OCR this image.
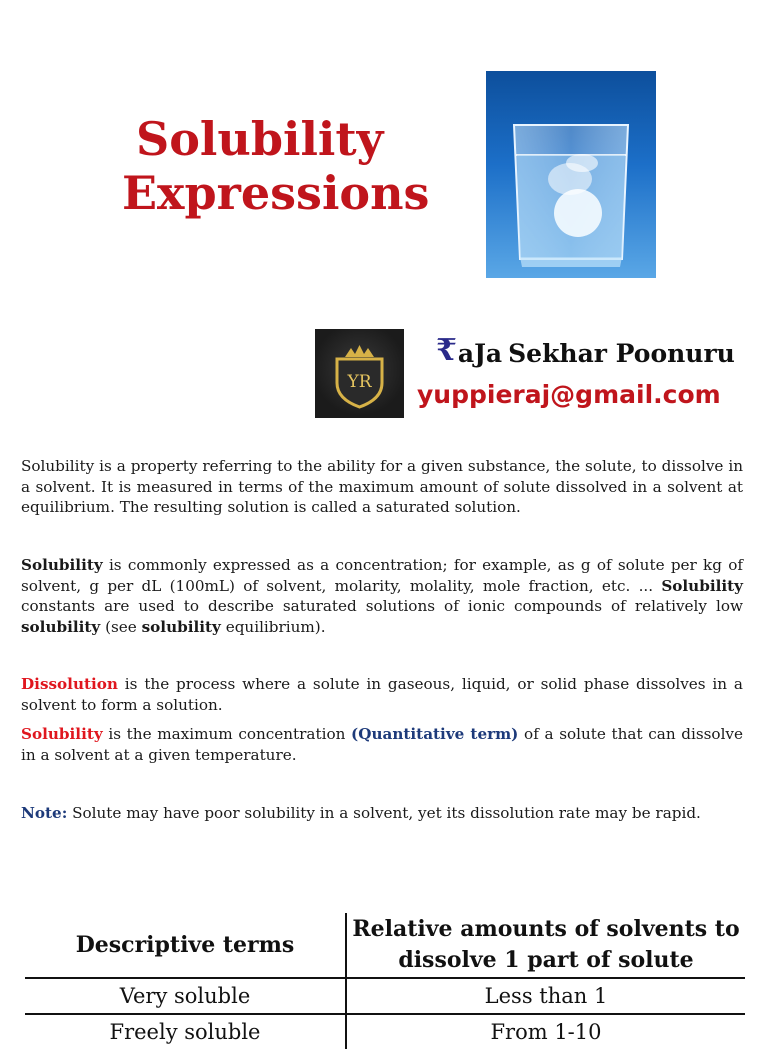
Solubility
Expressions
YR

₹ aJa Sekhar Poonuru

yuppieraj@gmail.com

Solubility is a property referring to the ability for a given substance, the solute, to dissolve in a solvent. It is measured in terms of the maximum amount of solute dissolved in a solvent at equilibrium. The resulting solution is called a saturated solution.

Solubility is commonly expressed as a concentration; for example, as g of solute per kg of solvent, g per dL (100mL) of solvent, molarity, molality, mole fraction, etc. ... Solubility constants are used to describe saturated solutions of ionic compounds of relatively low solubility (see solubility equilibrium).

Dissolution is the process where a solute in gaseous, liquid, or solid phase dissolves in a solvent to form a solution.

Solubility is the maximum concentration (Quantitative term) of a solute that can dissolve in a solvent at a given temperature.

Note: Solute may have poor solubility in a solvent, yet its dissolution rate may be rapid.

Descriptive terms	Relative amounts of solvents to dissolve 1 part of solute
Very soluble	Less than 1
Freely soluble	From 1-10
